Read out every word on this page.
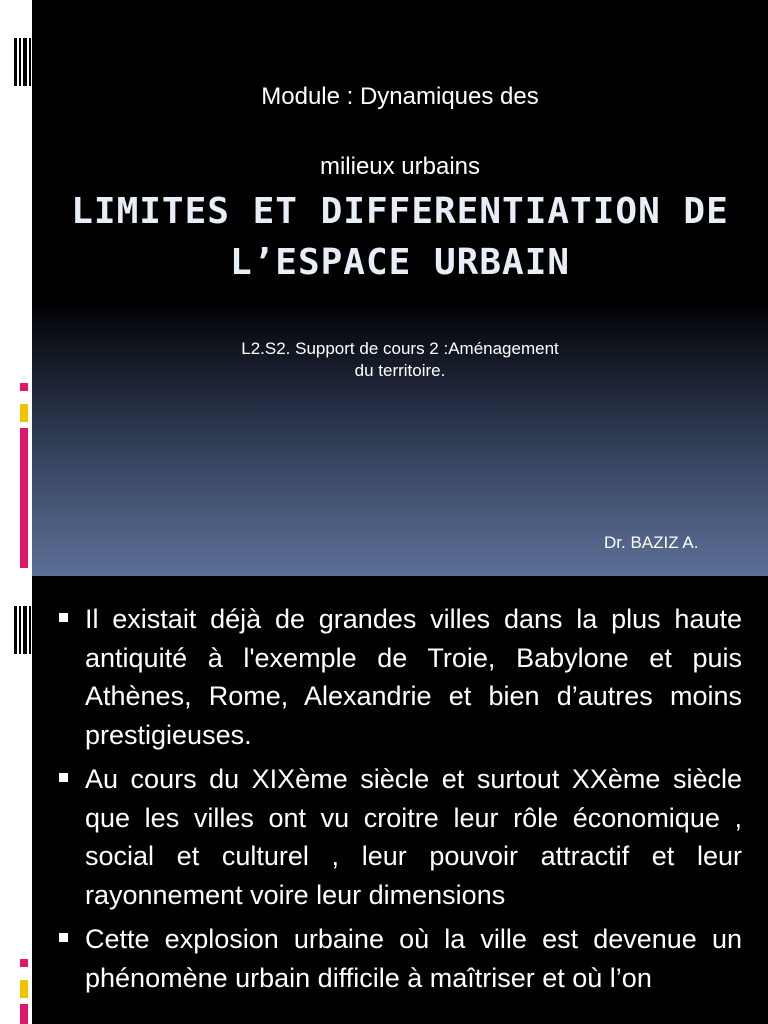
Module : Dynamiques des

milieux urbains

LIMITES ET DIFFERENTIATION DE
L’ESPACE URBAIN
L2.S2. Support de cours 2 :Aménagement
du territoire.
Dr. BAZIZ A.
Il existait déjà de grandes villes dans la plus haute antiquité à l'exemple de Troie, Babylone et puis Athènes, Rome, Alexandrie et bien d’autres moins prestigieuses.
Au cours du XIXème siècle et surtout XXème siècle que les villes ont vu croitre leur rôle économique , social et culturel , leur pouvoir attractif et leur rayonnement voire leur dimensions
Cette explosion urbaine où la ville est devenue un phénomène urbain difficile à maîtriser et où l’on
